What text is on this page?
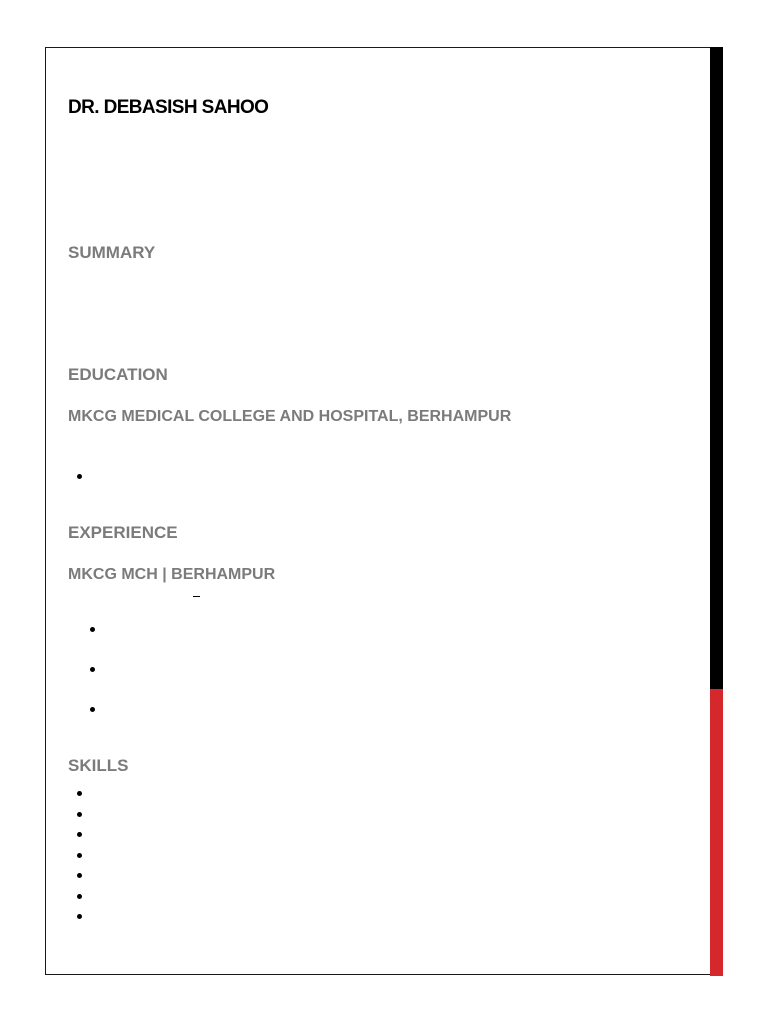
DR. DEBASISH SAHOO
SUMMARY
EDUCATION
MKCG MEDICAL COLLEGE AND HOSPITAL, BERHAMPUR
EXPERIENCE
MKCG MCH | BERHAMPUR
SKILLS
